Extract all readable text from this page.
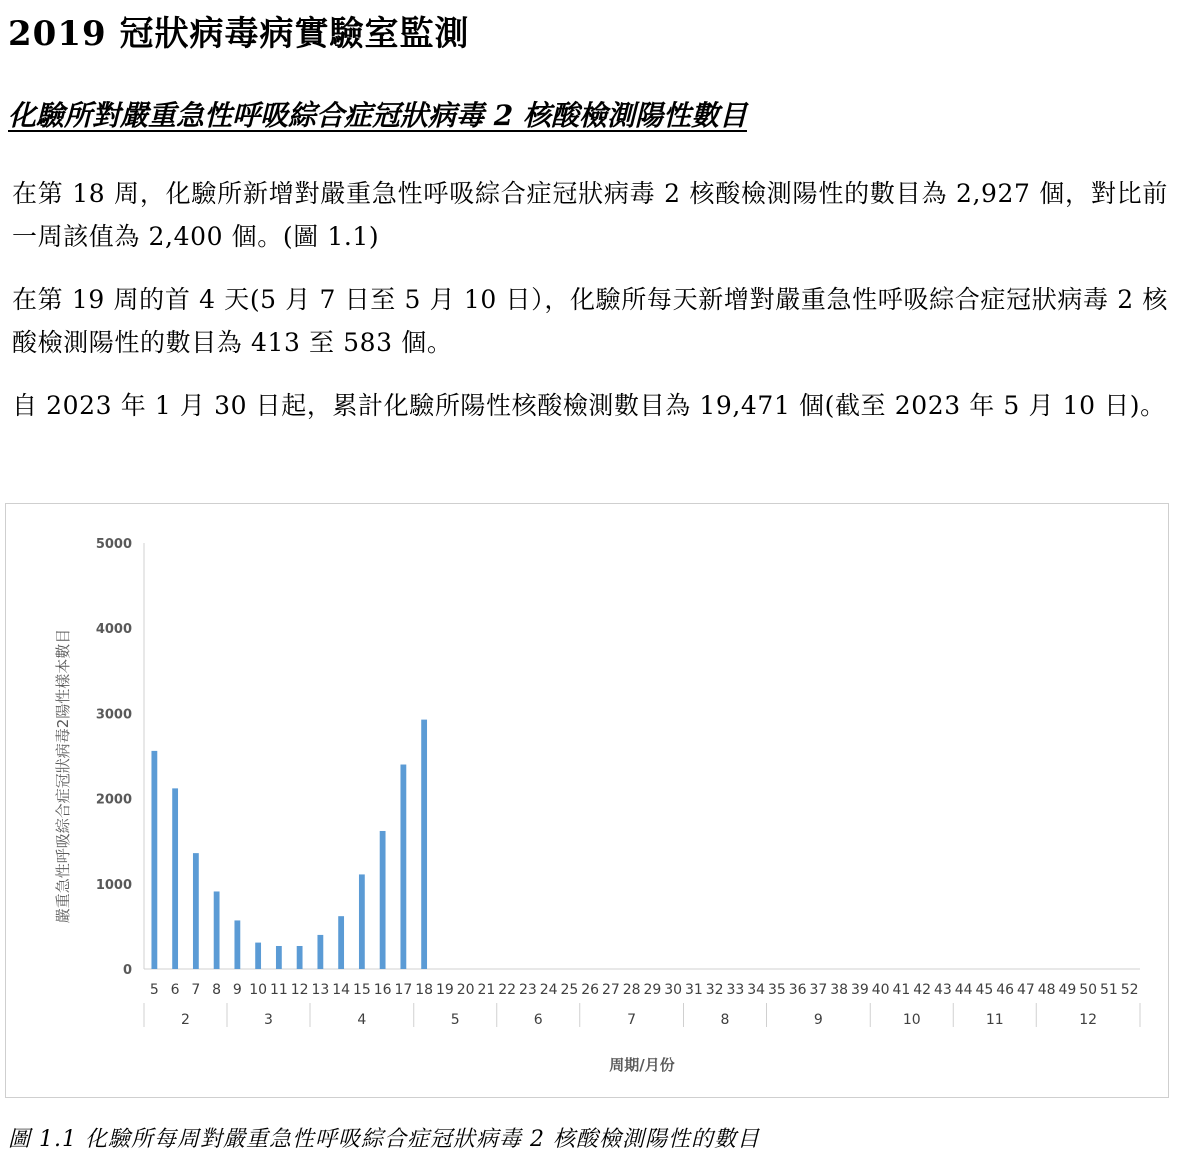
2019 冠狀病毒病實驗室監測
化驗所對嚴重急性呼吸綜合症冠狀病毒 2 核酸檢測陽性數目

在第 18 周，化驗所新增對嚴重急性呼吸綜合症冠狀病毒 2 核酸檢測陽性的數目為 2,927 個，對比前一周該值為 2,400 個。(圖 1.1)

在第 19 周的首 4 天(5 月 7 日至 5 月 10 日），化驗所每天新增對嚴重急性呼吸綜合症冠狀病毒 2 核酸檢測陽性的數目為 413 至 583 個。

自 2023 年 1 月 30 日起，累計化驗所陽性核酸檢測數目為 19,471 個(截至 2023 年 5 月 10 日)。

0
1000
2000
3000
4000
5000
5 6 7 8 9 10 11 12 13 14 15 16 17 18 19 20 21 22 23 24 25 26 27 28 29 30 31 32 33 34 35 36 37 38 39 40 41 42 43 44 45 46 47 48 49 50 51 52
2	3	4	5	6	7	8	9	10	11	12
周期/月份
嚴重急性呼吸綜合症冠狀病毒2陽性樣本數目

圖 1.1 化驗所每周對嚴重急性呼吸綜合症冠狀病毒 2 核酸檢測陽性的數目
